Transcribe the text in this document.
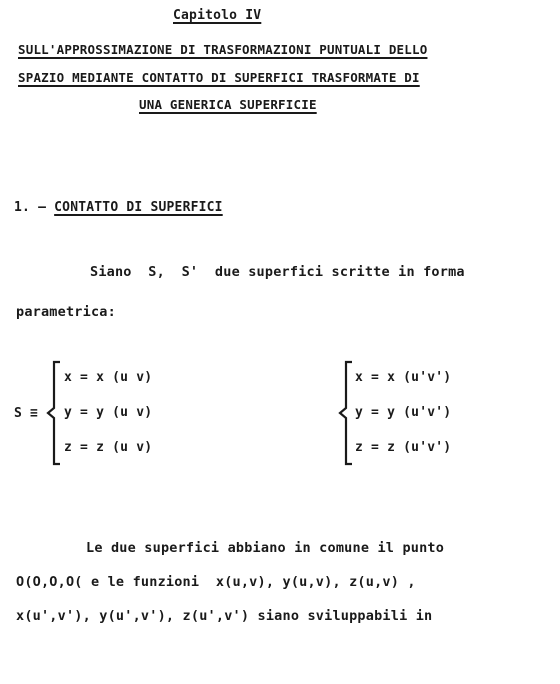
Capitolo IV
SULL'APPROSSIMAZIONE DI TRASFORMAZIONI PUNTUALI DELLO
SPAZIO MEDIANTE CONTATTO DI SUPERFICI TRASFORMATE DI
UNA GENERICA SUPERFICIE
1. – CONTATTO DI SUPERFICI
Siano  S,  S'  due superfici scritte in forma
parametrica:
S ≡
x = x (u v)
y = y (u v)
z = z (u v)
x = x (u'v')
y = y (u'v')
z = z (u'v')
Le due superfici abbiano in comune il punto
O(O,O,O( e le funzioni  x(u,v), y(u,v), z(u,v) ,
x(u',v'), y(u',v'), z(u',v') siano sviluppabili in
